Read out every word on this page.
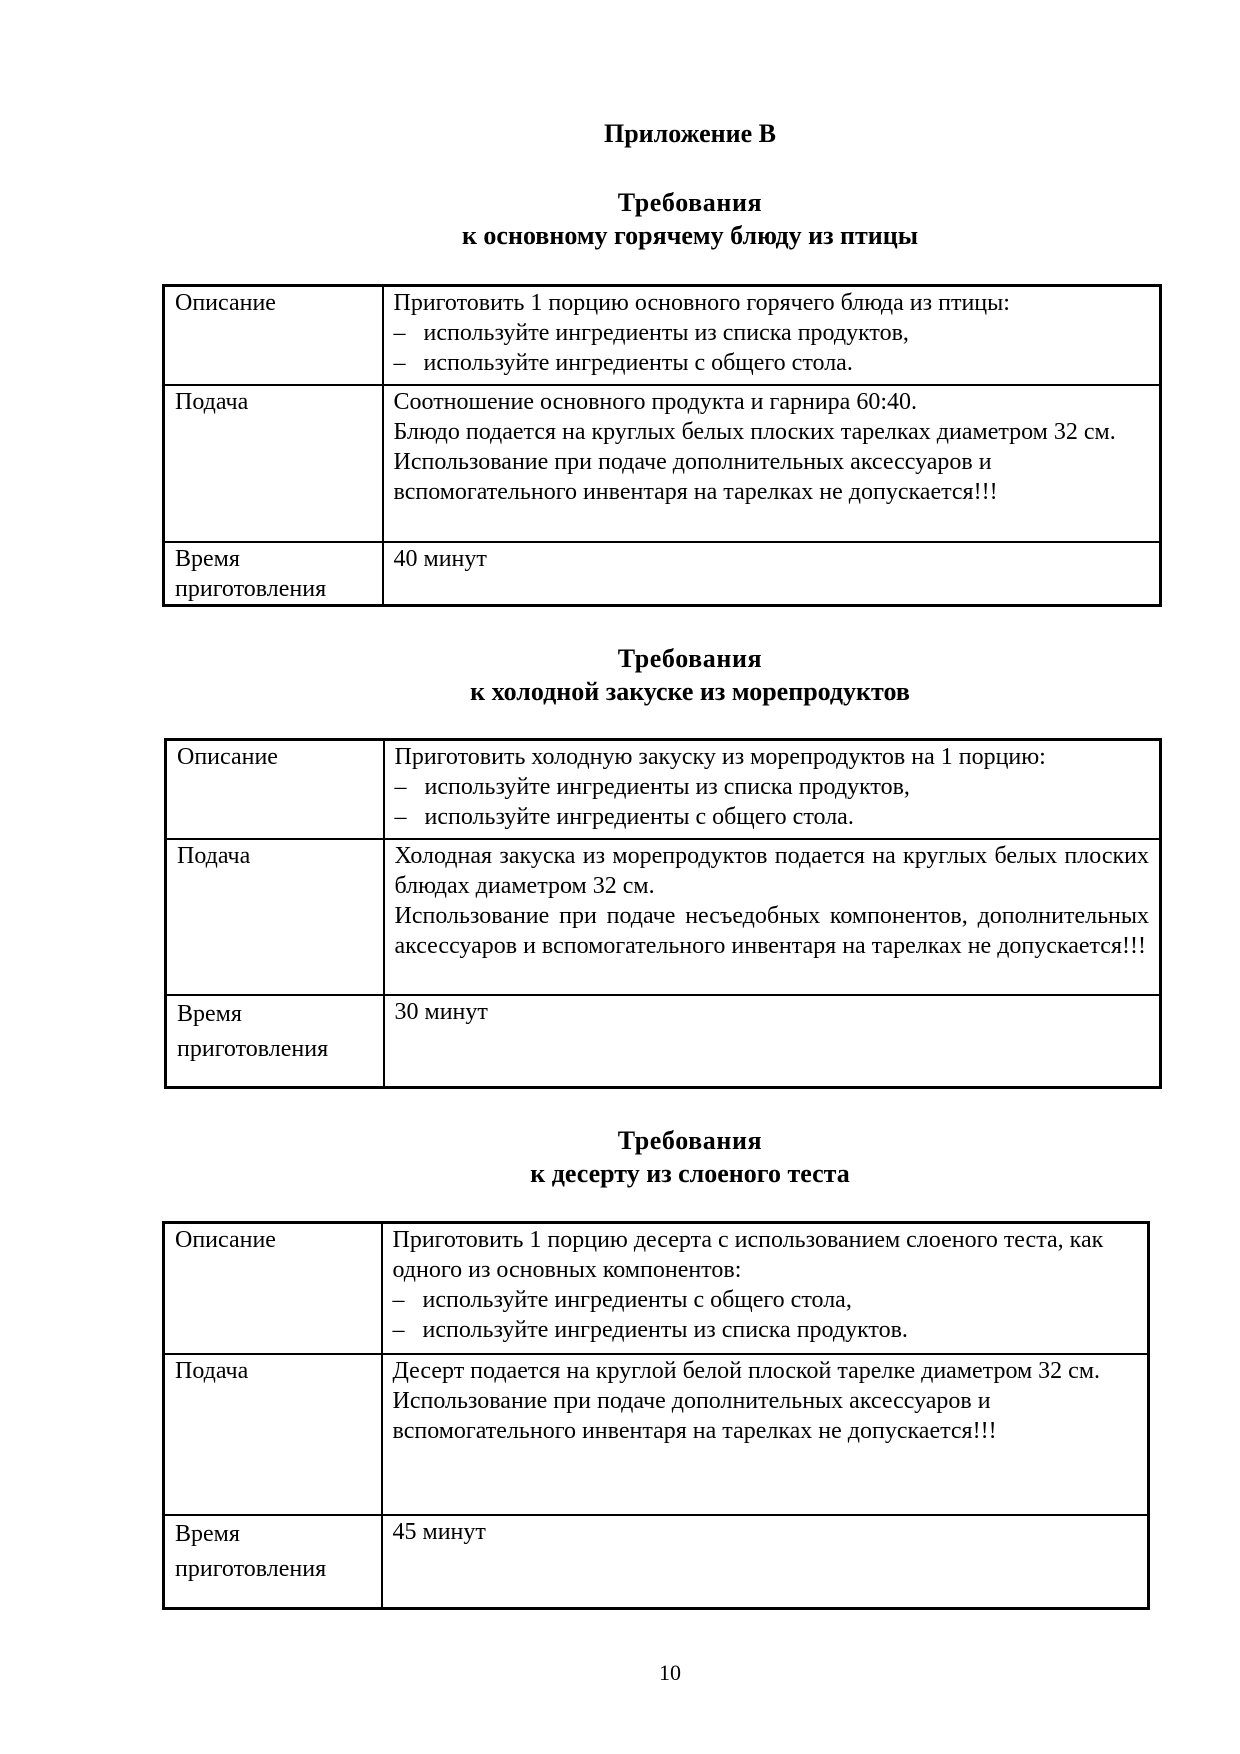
Приложение В
Требования
к основному горячему блюду из птицы
Описание	Приготовить 1 порцию основного горячего блюда из птицы:
– используйте ингредиенты из списка продуктов,
– используйте ингредиенты с общего стола.

Подача	Соотношение основного продукта и гарнира 60:40.
Блюдо подается на круглых белых плоских тарелках диаметром 32 см.
Использование при подаче дополнительных аксессуаров и вспомогательного инвентаря на тарелках не допускается!!!

Время
приготовления	40 минут
Требования
к холодной закуске из морепродуктов
Описание	Приготовить холодную закуску из морепродуктов на 1 порцию:
– используйте ингредиенты из списка продуктов,
– используйте ингредиенты с общего стола.

Подача	Холодная закуска из морепродуктов подается на круглых белых плоских блюдах диаметром 32 см.
Использование при подаче несъедобных компонентов, дополнительных аксессуаров и вспомогательного инвентаря на тарелках не допускается!!!

Время
приготовления	30 минут
Требования
к десерту из слоеного теста
Описание	Приготовить 1 порцию десерта с использованием слоеного теста, как одного из основных компонентов:
– используйте ингредиенты с общего стола,
– используйте ингредиенты из списка продуктов.

Подача	Десерт подается на круглой белой плоской тарелке диаметром 32 см.
Использование при подаче дополнительных аксессуаров и вспомогательного инвентаря на тарелках не допускается!!!

Время
приготовления	45 минут
10
